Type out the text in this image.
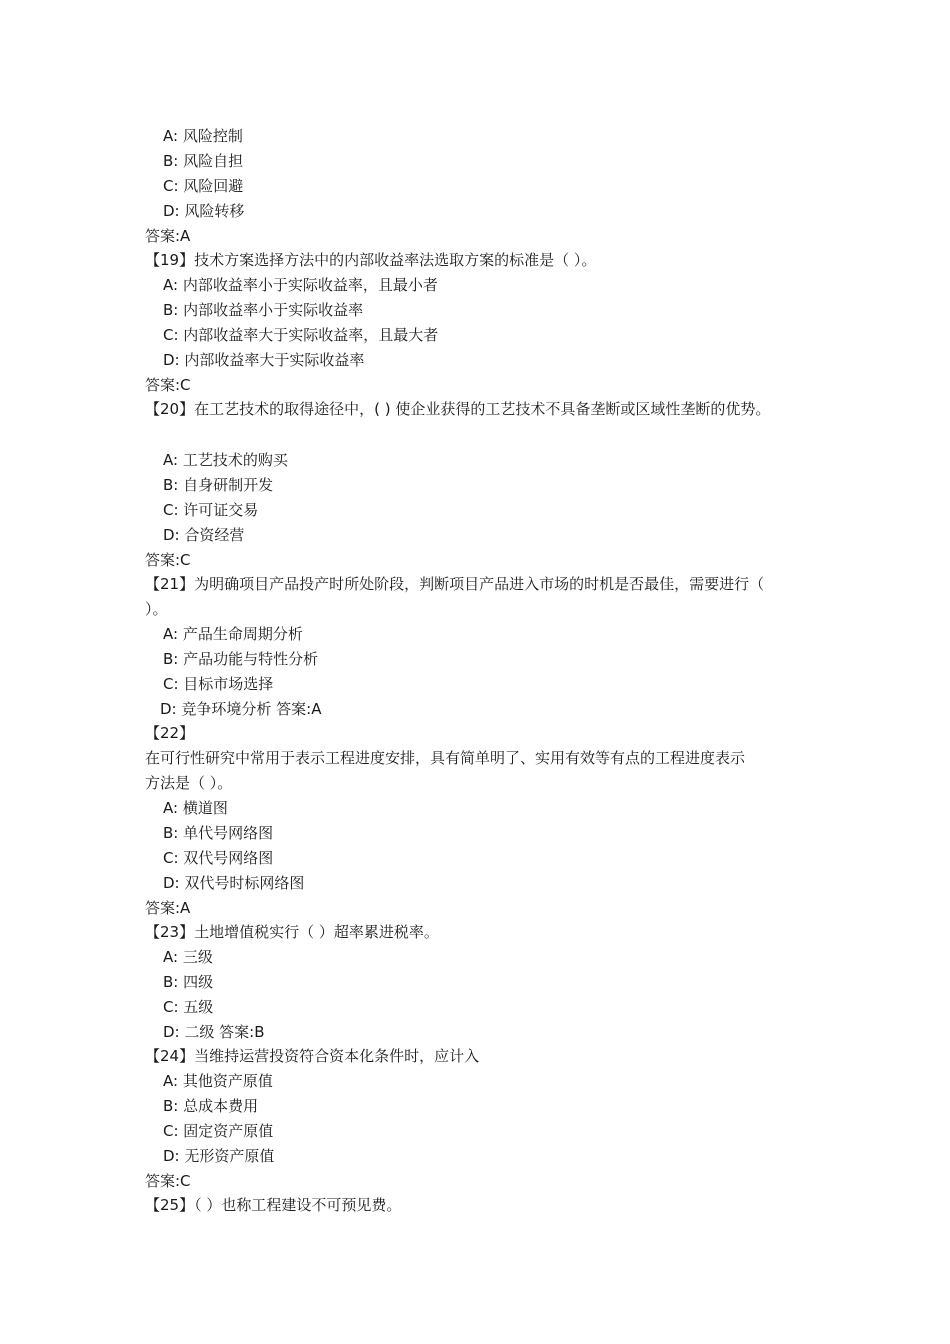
A: 风险控制
B: 风险自担
C: 风险回避
D: 风险转移
答案:A
【19】技术方案选择方法中的内部收益率法选取方案的标准是（ ）。
A: 内部收益率小于实际收益率，且最小者
B: 内部收益率小于实际收益率
C: 内部收益率大于实际收益率，且最大者
D: 内部收益率大于实际收益率
答案:C
【20】在工艺技术的取得途径中，( ) 使企业获得的工艺技术不具备垄断或区域性垄断的优势。
A: 工艺技术的购买
B: 自身研制开发
C: 许可证交易
D: 合资经营
答案:C
【21】为明确项目产品投产时所处阶段，判断项目产品进入市场的时机是否最佳，需要进行（
）。
A: 产品生命周期分析
B: 产品功能与特性分析
C: 目标市场选择
D: 竞争环境分析 答案:A
【22】
在可行性研究中常用于表示工程进度安排，具有简单明了、实用有效等有点的工程进度表示
方法是（ ）。
A: 横道图
B: 单代号网络图
C: 双代号网络图
D: 双代号时标网络图
答案:A
【23】土地增值税实行（ ）超率累进税率。
A: 三级
B: 四级
C: 五级
D: 二级 答案:B
【24】当维持运营投资符合资本化条件时，应计入
A: 其他资产原值
B: 总成本费用
C: 固定资产原值
D: 无形资产原值
答案:C
【25】（ ）也称工程建设不可预见费。
